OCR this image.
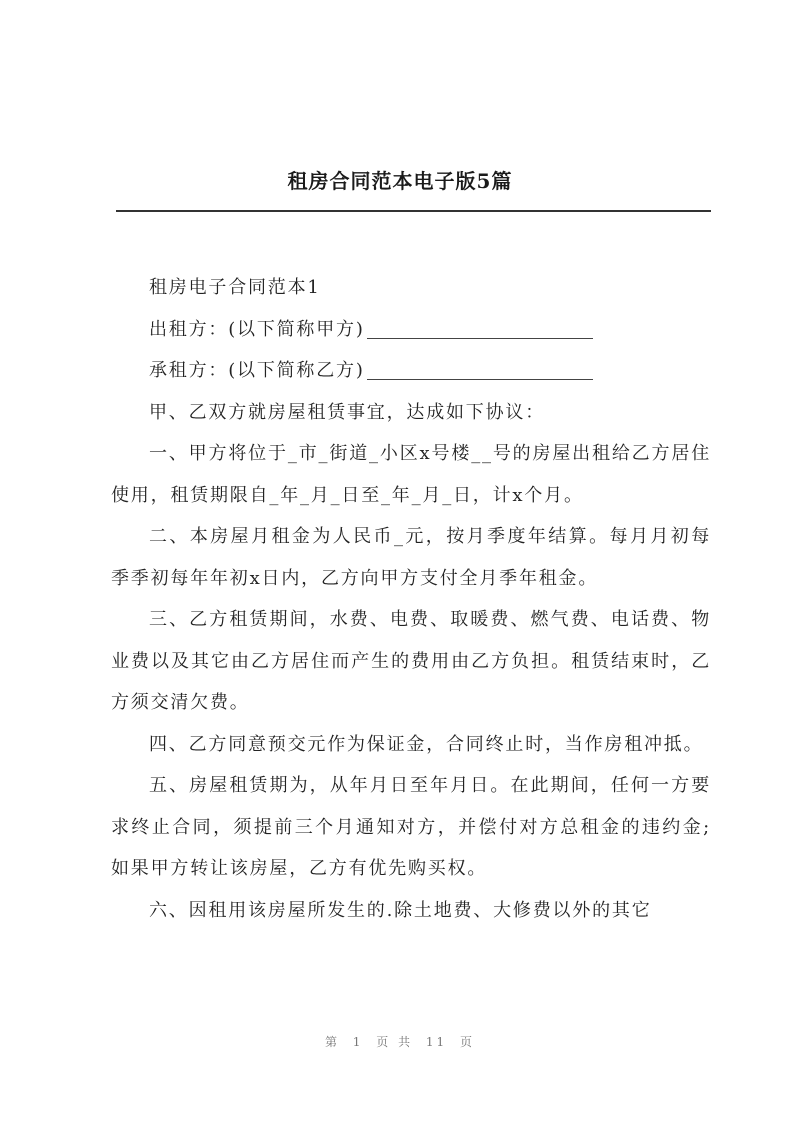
租房合同范本电子版5篇

租房电子合同范本1

出租方：(以下简称甲方)

承租方：(以下简称乙方)

甲、乙双方就房屋租赁事宜，达成如下协议：

一、甲方将位于_市_街道_小区x号楼__号的房屋出租给乙方居住使用，租赁期限自_年_月_日至_年_月_日，计x个月。

二、本房屋月租金为人民币_元，按月季度年结算。每月月初每季季初每年年初x日内，乙方向甲方支付全月季年租金。

三、乙方租赁期间，水费、电费、取暖费、燃气费、电话费、物业费以及其它由乙方居住而产生的费用由乙方负担。租赁结束时，乙方须交清欠费。

四、乙方同意预交元作为保证金，合同终止时，当作房租冲抵。

五、房屋租赁期为，从年月日至年月日。在此期间，任何一方要求终止合同，须提前三个月通知对方，并偿付对方总租金的违约金;如果甲方转让该房屋，乙方有优先购买权。

六、因租用该房屋所发生的.除土地费、大修费以外的其它

第 1 页 共 11 页
